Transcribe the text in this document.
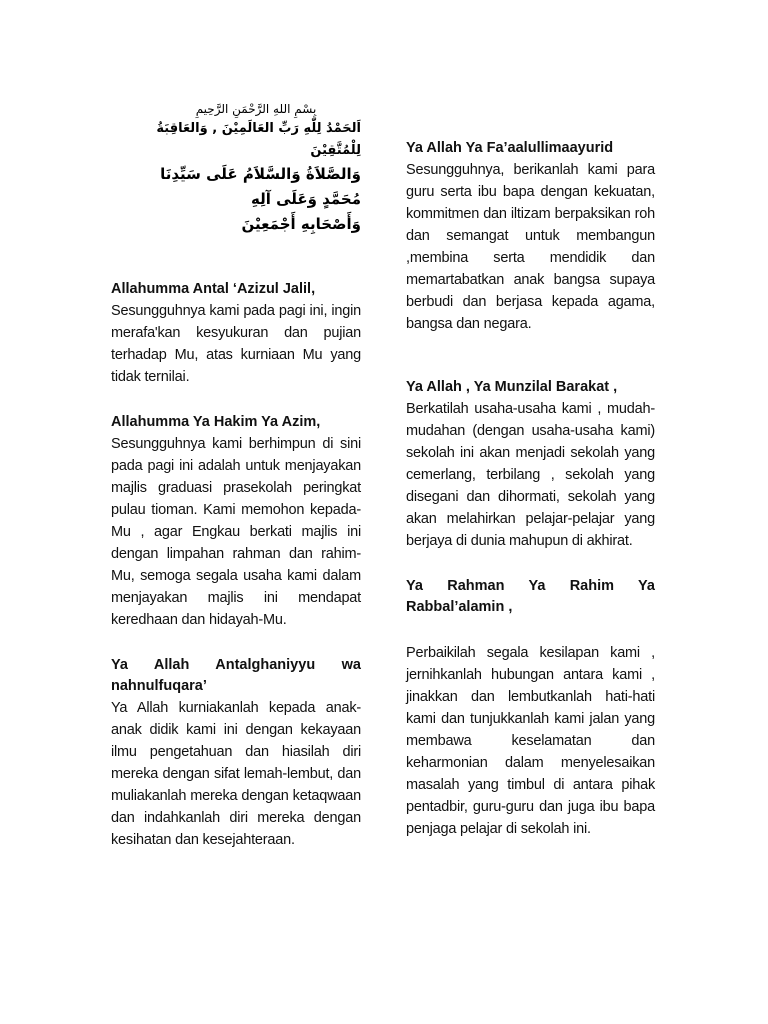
بِسْمِ اللهِ الرَّحْمَنِ الرَّحِيمِ
اَلحَمْدُ لِلّٰهِ رَبِّ العَالَمِيْنَ , وَالعَاقِبَةُ لِلْمُتَّقِيْنَ
وَالصَّلاَةُ وَالسَّلاَمُ عَلَى سَيِّدِنَا
مُحَمَّدٍ وَعَلَى آلِهِ
وَأَصْحَابِهِ أَجْمَعِيْنَ

Allahumma Antal ‘Azizul Jalil,

Sesungguhnya kami pada pagi ini, ingin merafa'kan kesyukuran dan pujian terhadap Mu, atas kurniaan Mu yang tidak ternilai.

Allahumma Ya Hakim Ya Azim,

Sesungguhnya kami berhimpun di sini pada pagi ini adalah untuk menjayakan majlis graduasi prasekolah peringkat pulau tioman. Kami memohon kepada-Mu , agar Engkau berkati majlis ini dengan limpahan rahman dan rahim-Mu, semoga segala usaha kami dalam menjayakan majlis ini mendapat keredhaan dan hidayah-Mu.

Ya Allah Antalghaniyyu wa nahnulfuqara’

Ya Allah kurniakanlah kepada anak-anak didik kami ini dengan kekayaan ilmu pengetahuan dan hiasilah diri mereka dengan sifat lemah-lembut, dan muliakanlah mereka dengan ketaqwaan dan indahkanlah diri mereka dengan kesihatan dan kesejahteraan.

Ya Allah Ya Fa’aalullimaayurid

Sesungguhnya, berikanlah kami para guru serta ibu bapa dengan kekuatan, kommitmen dan iltizam berpaksikan roh dan semangat untuk membangun ,membina serta mendidik dan memartabatkan anak bangsa supaya berbudi dan berjasa kepada agama, bangsa dan negara.

Ya Allah , Ya Munzilal Barakat ,

Berkatilah usaha-usaha kami , mudah-mudahan (dengan usaha-usaha kami) sekolah ini akan menjadi sekolah yang cemerlang, terbilang , sekolah yang disegani dan dihormati, sekolah yang akan melahirkan pelajar-pelajar yang berjaya di dunia mahupun di akhirat.

Ya Rahman Ya Rahim Ya Rabbal’alamin ,

Perbaikilah segala kesilapan kami , jernihkanlah hubungan antara kami , jinakkan dan lembutkanlah hati-hati kami dan tunjukkanlah kami jalan yang membawa keselamatan dan keharmonian dalam menyelesaikan masalah yang timbul di antara pihak pentadbir, guru-guru dan juga ibu bapa penjaga pelajar di sekolah ini.
